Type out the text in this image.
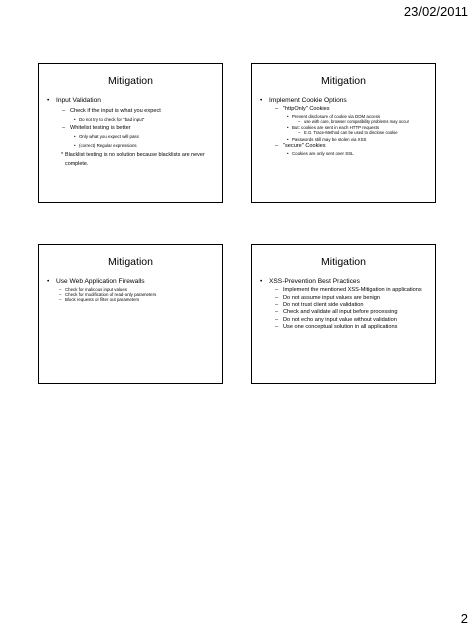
23/02/2011
Mitigation
• Input Validation
– Check if the input is what you expect
• Do not try to check for "bad input"
– Whitelist testing is better
• Only what you expect will pass
• (correct) Regular expressions
* Blacklist testing is no solution because blacklists are never complete.
Mitigation
• Implement Cookie Options
– "httpOnly" Cookies
• Prevent disclosure of cookie via DOM access
– use with care, browser compatibility problems may occur
• But: cookies are sent in each HTTP requests
– E.G. Trace-Method can be used to disclose cookie
• Passwords still may be stolen via XSS
– "secure" Cookies
• Cookies are only sent over SSL
Mitigation
• Use Web Application Firewalls
– Check for malicous input values
– Check for modification of read-only parameters
– Block requests or filter out parameters
Mitigation
• XSS-Prevention Best Practices
– Implement the mentioned XSS-Mitigation in applications
– Do not assume input values are benign
– Do not trust client side validation
– Check and validate all input before processing
– Do not echo any input value without validation
– Use one conceptual solution in all applications
2
